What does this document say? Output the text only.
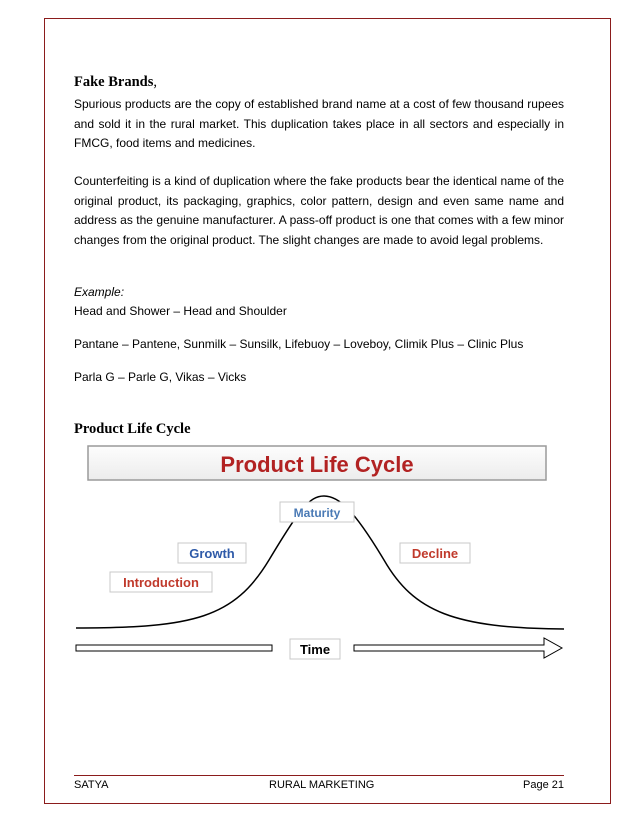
Fake Brands,

Spurious products are the copy of established brand name at a cost of few thousand rupees and sold it in the rural market. This duplication takes place in all sectors and especially in FMCG, food items and medicines.

Counterfeiting is a kind of duplication where the fake products bear the identical name of the original product, its packaging, graphics, color pattern, design and even same name and address as the genuine manufacturer. A pass-off product is one that comes with a few minor changes from the original product. The slight changes are made to avoid legal problems.

Example:

Head and Shower – Head and Shoulder

Pantane – Pantene, Sunmilk – Sunsilk, Lifebuoy – Loveboy, Climik Plus – Clinic Plus

Parla G – Parle G, Vikas – Vicks

Product Life Cycle
Product Life Cycle
Maturity
Growth	Decline
Introduction
Time
SATYA	RURAL MARKETING	Page 21
